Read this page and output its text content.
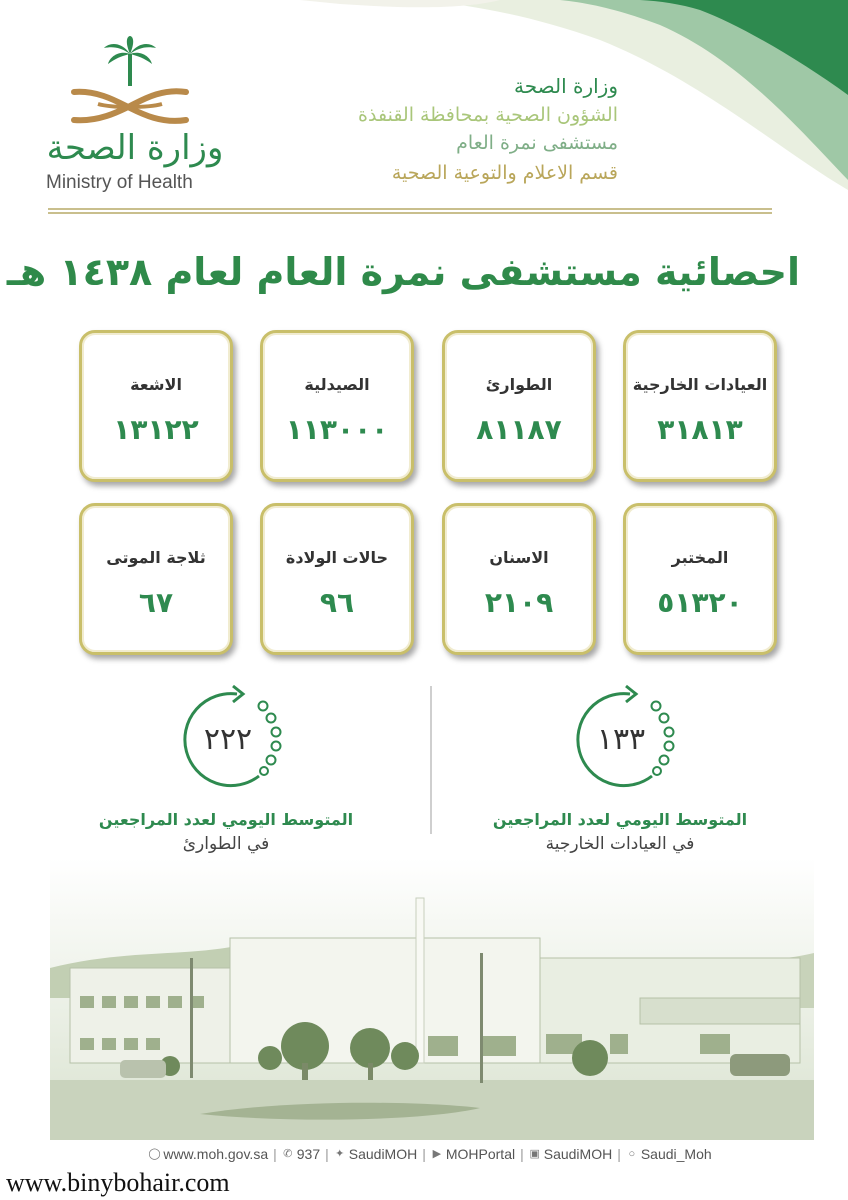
وزارة الصحة
Ministry of Health
وزارة الصحة
الشؤون الصحية بمحافظة القنفذة
مستشفى نمرة العام
قسم الاعلام والتوعية الصحية
احصائية مستشفى نمرة العام لعام ١٤٣٨ هـ
العيادات الخارجية
٣١٨١٣
الطوارئ
٨١١٨٧
الصيدلية
١١٣٠٠٠
الاشعة
١٣١٢٢
المختبر
٥١٣٢٠
الاسنان
٢١٠٩
حالات الولادة
٩٦
ثلاجة الموتى
٦٧
١٣٣
المتوسط اليومي لعدد المراجعين
في العيادات الخارجية
٢٢٢
المتوسط اليومي لعدد المراجعين
في الطوارئ
◯ www.moh.gov.sa | ✆ 937 | ✦ SaudiMOH | ▶ MOHPortal | ▣ SaudiMOH | ○ Saudi_Moh
www.binybohair.com
